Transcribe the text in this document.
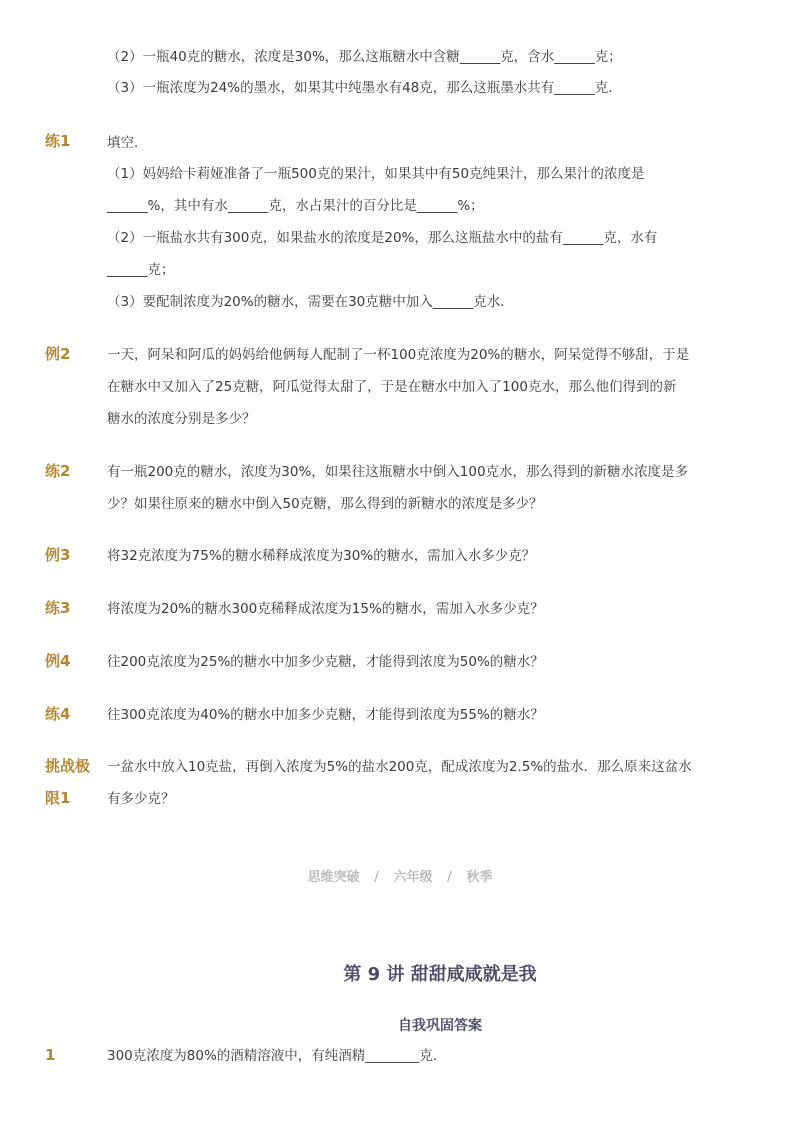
（2）一瓶40克的糖水，浓度是30%，那么这瓶糖水中含糖______克，含水______克；
（3）一瓶浓度为24%的墨水，如果其中纯墨水有48克，那么这瓶墨水共有______克．
练1	填空．
（1）妈妈给卡莉娅准备了一瓶500克的果汁，如果其中有50克纯果汁，那么果汁的浓度是
______%，其中有水______克，水占果汁的百分比是______%；
（2）一瓶盐水共有300克，如果盐水的浓度是20%，那么这瓶盐水中的盐有______克，水有
______克；
（3）要配制浓度为20%的糖水，需要在30克糖中加入______克水．
例2	一天，阿呆和阿瓜的妈妈给他俩每人配制了一杯100克浓度为20%的糖水，阿呆觉得不够甜，于是
在糖水中又加入了25克糖，阿瓜觉得太甜了，于是在糖水中加入了100克水，那么他们得到的新
糖水的浓度分别是多少？
练2	有一瓶200克的糖水，浓度为30%，如果往这瓶糖水中倒入100克水，那么得到的新糖水浓度是多
少？如果往原来的糖水中倒入50克糖，那么得到的新糖水的浓度是多少？
例3	将32克浓度为75%的糖水稀释成浓度为30%的糖水，需加入水多少克？
练3	将浓度为20%的糖水300克稀释成浓度为15%的糖水，需加入水多少克？
例4	往200克浓度为25%的糖水中加多少克糖，才能得到浓度为50%的糖水？
练4	往300克浓度为40%的糖水中加多少克糖，才能得到浓度为55%的糖水？
挑战极
限1
一盆水中放入10克盐，再倒入浓度为5%的盐水200克，配成浓度为2.5%的盐水．那么原来这盆水
有多少克？
思维突破 / 六年级 / 秋季
第 9 讲 甜甜咸咸就是我
自我巩固答案
1	300克浓度为80%的酒精溶液中，有纯酒精________克．
